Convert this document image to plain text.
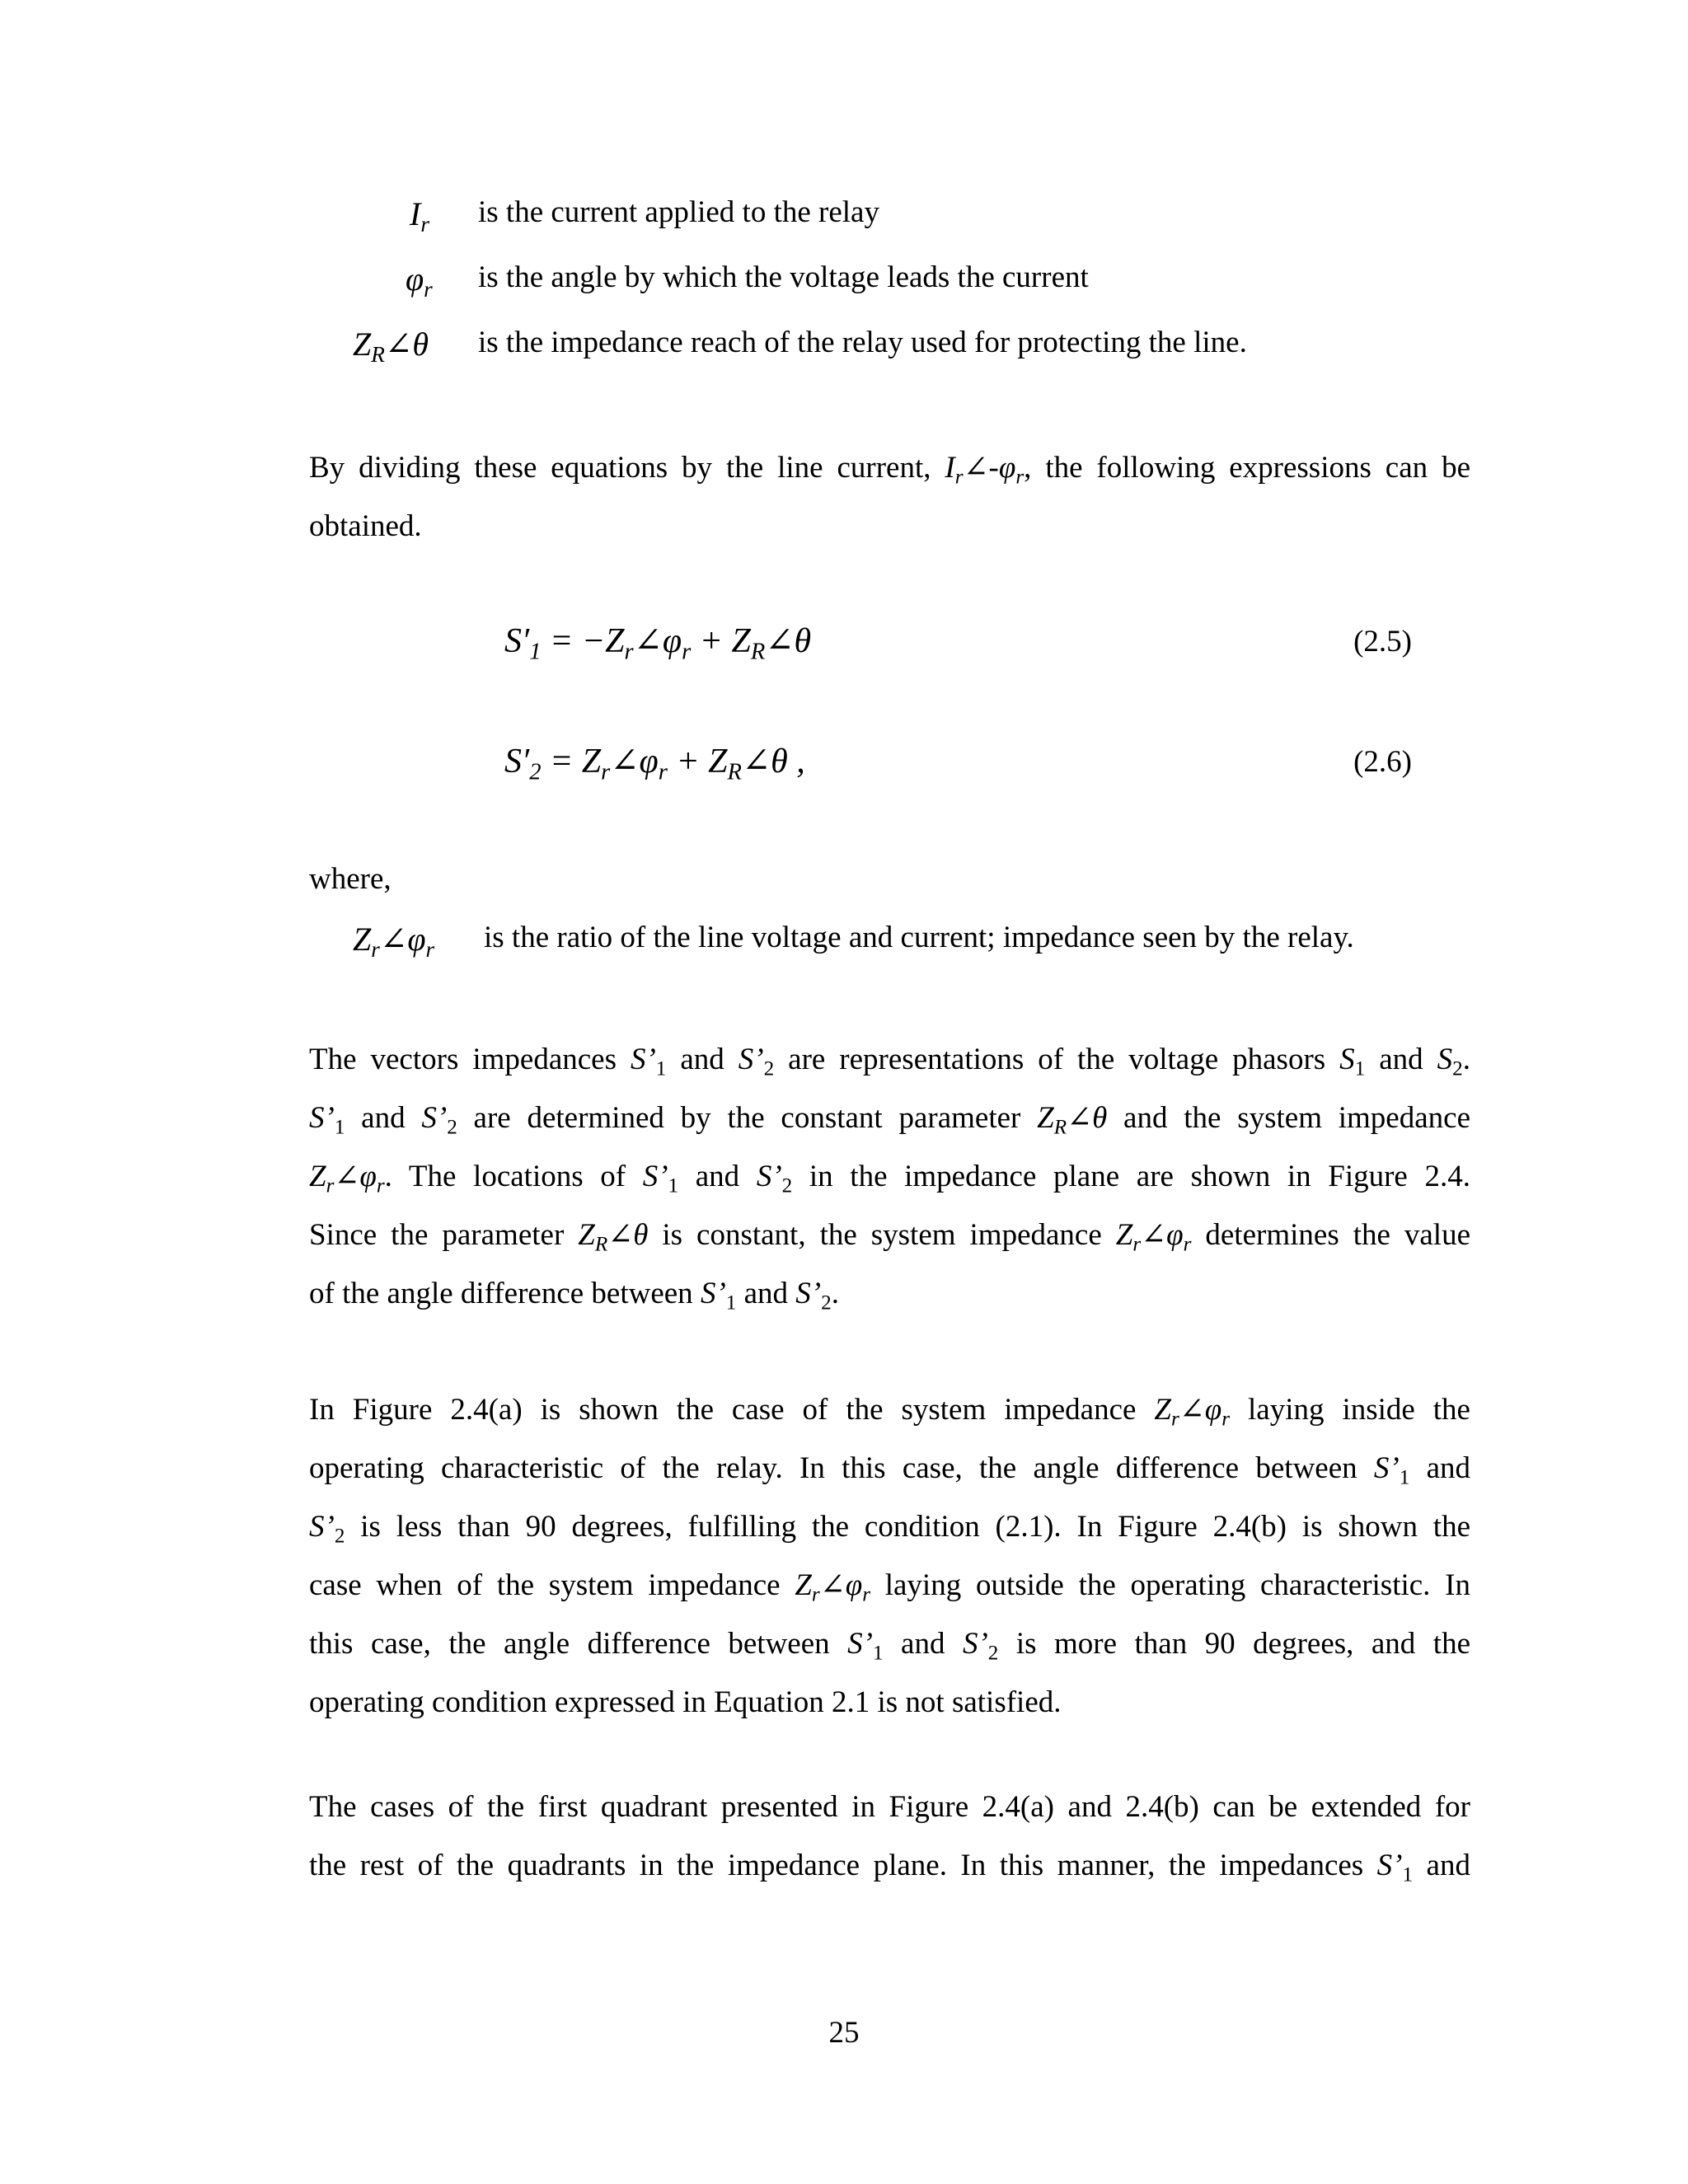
$I_r$ is the current applied to the relay
$\varphi_r$ is the angle by which the voltage leads the current
$Z_R\angle\theta$ is the impedance reach of the relay used for protecting the line.
By dividing these equations by the line current, $I_r\angle-\varphi_r$, the following expressions can be
obtained.
$S'_1$ = $-Z_r\angle\varphi_r$ + $Z_R\angle\theta$	(2.5)
$S'_2$ = $Z_r\angle\varphi_r$ + $Z_R\angle\theta$ ,	(2.6)
where,
$Z_r\angle\varphi_r$ is the ratio of the line voltage and current; impedance seen by the relay.
The vectors impedances $S’_1$ and $S’_2$ are representations of the voltage phasors $S_1$ and $S_2$.
$S’_1$ and $S’_2$ are determined by the constant parameter $Z_R\angle\theta$ and the system impedance
$Z_r\angle\varphi_r$. The locations of $S’_1$ and $S’_2$ in the impedance plane are shown in Figure 2.4.
Since the parameter $Z_R\angle\theta$ is constant, the system impedance $Z_r\angle\varphi_r$ determines the value
of the angle difference between $S’_1$ and $S’_2$.
In Figure 2.4(a) is shown the case of the system impedance $Z_r\angle\varphi_r$ laying inside the
operating characteristic of the relay. In this case, the angle difference between $S’_1$ and
$S’_2$ is less than 90 degrees, fulfilling the condition (2.1). In Figure 2.4(b) is shown the
case when of the system impedance $Z_r\angle\varphi_r$ laying outside the operating characteristic. In
this case, the angle difference between $S’_1$ and $S’_2$ is more than 90 degrees, and the
operating condition expressed in Equation 2.1 is not satisfied.
The cases of the first quadrant presented in Figure 2.4(a) and 2.4(b) can be extended for
the rest of the quadrants in the impedance plane. In this manner, the impedances $S’_1$ and
25
